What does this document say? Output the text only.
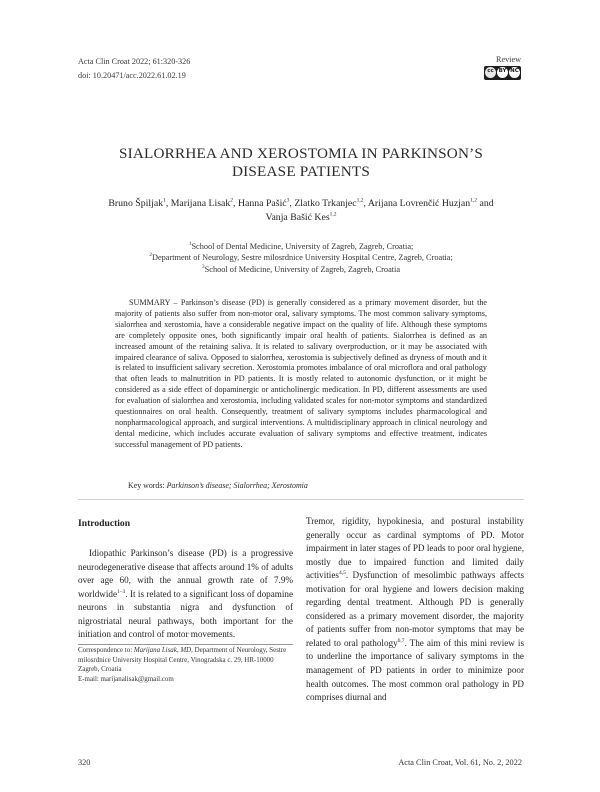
Acta Clin Croat 2022; 61:320-326
doi: 10.20471/acc.2022.61.02.19
Review
cc BY NC
SIALORRHEA AND XEROSTOMIA IN PARKINSON’S
DISEASE PATIENTS
Bruno Špiljak$^1$, Marijana Lisak$^2$, Hanna Pašić$^3$, Zlatko Trkanjec$^{1,2}$, Arijana Lovrenčić Huzjan$^{1,2}$ and
Vanja Bašić Kes$^{1,2}$
$^1$School of Dental Medicine, University of Zagreb, Zagreb, Croatia;
$^2$Department of Neurology, Sestre milosrdnice University Hospital Centre, Zagreb, Croatia;
$^3$School of Medicine, University of Zagreb, Zagreb, Croatia

SUMMARY – Parkinson’s disease (PD) is generally considered as a primary movement disorder, but the majority of patients also suffer from non-motor oral, salivary symptoms. The most common salivary symptoms, sialorrhea and xerostomia, have a considerable negative impact on the quality of life. Although these symptoms are completely opposite ones, both significantly impair oral health of patients. Sialorrhea is defined as an increased amount of the retaining saliva. It is related to salivary overproduction, or it may be associated with impaired clearance of saliva. Opposed to sialorrhea, xerostomia is subjectively defined as dryness of mouth and it is related to insufficient salivary secretion. Xerostomia promotes imbalance of oral microflora and oral pathology that often leads to malnutrition in PD patients. It is mostly related to autonomic dysfunction, or it might be considered as a side effect of dopaminergic or anticholinergic medication. In PD, different assessments are used for evaluation of sialorrhea and xerostomia, including validated scales for non-motor symptoms and standardized questionnaires on oral health. Consequently, treatment of salivary symptoms includes pharmacological and nonpharmacological approach, and surgical interventions. A multidisciplinary approach in clinical neurology and dental medicine, which includes accurate evaluation of salivary symptoms and effective treatment, indicates successful management of PD patients.

Key words: Parkinson’s disease; Sialorrhea; Xerostomia
Introduction

Idiopathic Parkinson’s disease (PD) is a progressive neurodegenerative disease that affects around 1% of adults over age 60, with the annual growth rate of 7.9% worldwide$^{1-3}$. It is related to a significant loss of dopamine neurons in substantia nigra and dysfunction of nigrostriatal neural pathways, both important for the initiation and control of motor movements.

Tremor, rigidity, hypokinesia, and postural instability generally occur as cardinal symptoms of PD. Motor impairment in later stages of PD leads to poor oral hygiene, mostly due to impaired function and limited daily activities$^{4,5}$. Dysfunction of mesolimbic pathways affects motivation for oral hygiene and lowers decision making regarding dental treatment. Although PD is generally considered as a primary movement disorder, the majority of patients suffer from non-motor symptoms that may be related to oral pathology$^{6,7}$. The aim of this mini review is to underline the importance of salivary symptoms in the management of PD patients in order to minimize poor health outcomes. The most common oral pathology in PD comprises diurnal and

Correspondence to: Marijana Lisak, MD, Department of Neurology, Sestre milosrdnice University Hospital Centre, Vinogradska c. 29, HR-10000 Zagreb, Croatia
E-mail: marijanalisak@gmail.com
320	Acta Clin Croat, Vol. 61, No. 2, 2022
